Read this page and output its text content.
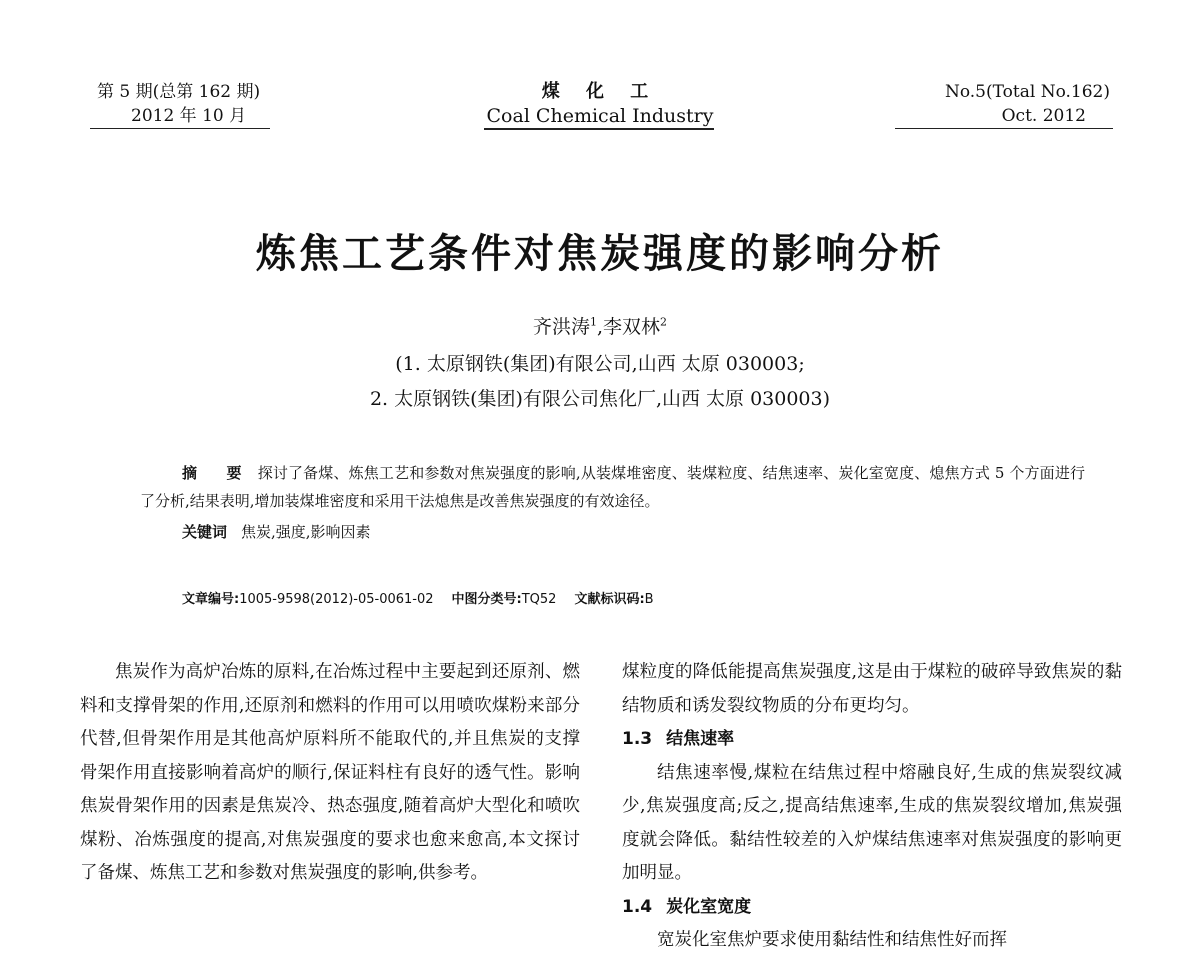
第 5 期(总第 162 期)
2012 年 10 月
煤 化 工
Coal Chemical Industry
No.5(Total No.162)
Oct. 2012
炼焦工艺条件对焦炭强度的影响分析
齐洪涛$^1$,李双林$^2$
(1. 太原钢铁(集团)有限公司,山西 太原 030003;
2. 太原钢铁(集团)有限公司焦化厂,山西 太原 030003)
摘 要 探讨了备煤、炼焦工艺和参数对焦炭强度的影响,从装煤堆密度、装煤粒度、结焦速率、炭化室宽度、熄焦方式 5 个方面进行了分析,结果表明,增加装煤堆密度和采用干法熄焦是改善焦炭强度的有效途径。
关键词 焦炭,强度,影响因素
文章编号:1005-9598(2012)-05-0061-02 中图分类号:TQ52 文献标识码:B

焦炭作为高炉冶炼的原料,在冶炼过程中主要起到还原剂、燃料和支撑骨架的作用,还原剂和燃料的作用可以用喷吹煤粉来部分代替,但骨架作用是其他高炉原料所不能取代的,并且焦炭的支撑骨架作用直接影响着高炉的顺行,保证料柱有良好的透气性。影响焦炭骨架作用的因素是焦炭冷、热态强度,随着高炉大型化和喷吹煤粉、冶炼强度的提高,对焦炭强度的要求也愈来愈高,本文探讨了备煤、炼焦工艺和参数对焦炭强度的影响,供参考。

煤粒度的降低能提高焦炭强度,这是由于煤粒的破碎导致焦炭的黏结物质和诱发裂纹物质的分布更均匀。

1.3 结焦速率

结焦速率慢,煤粒在结焦过程中熔融良好,生成的焦炭裂纹减少,焦炭强度高;反之,提高结焦速率,生成的焦炭裂纹增加,焦炭强度就会降低。黏结性较差的入炉煤结焦速率对焦炭强度的影响更加明显。

1.4 炭化室宽度

宽炭化室焦炉要求使用黏结性和结焦性好而挥
